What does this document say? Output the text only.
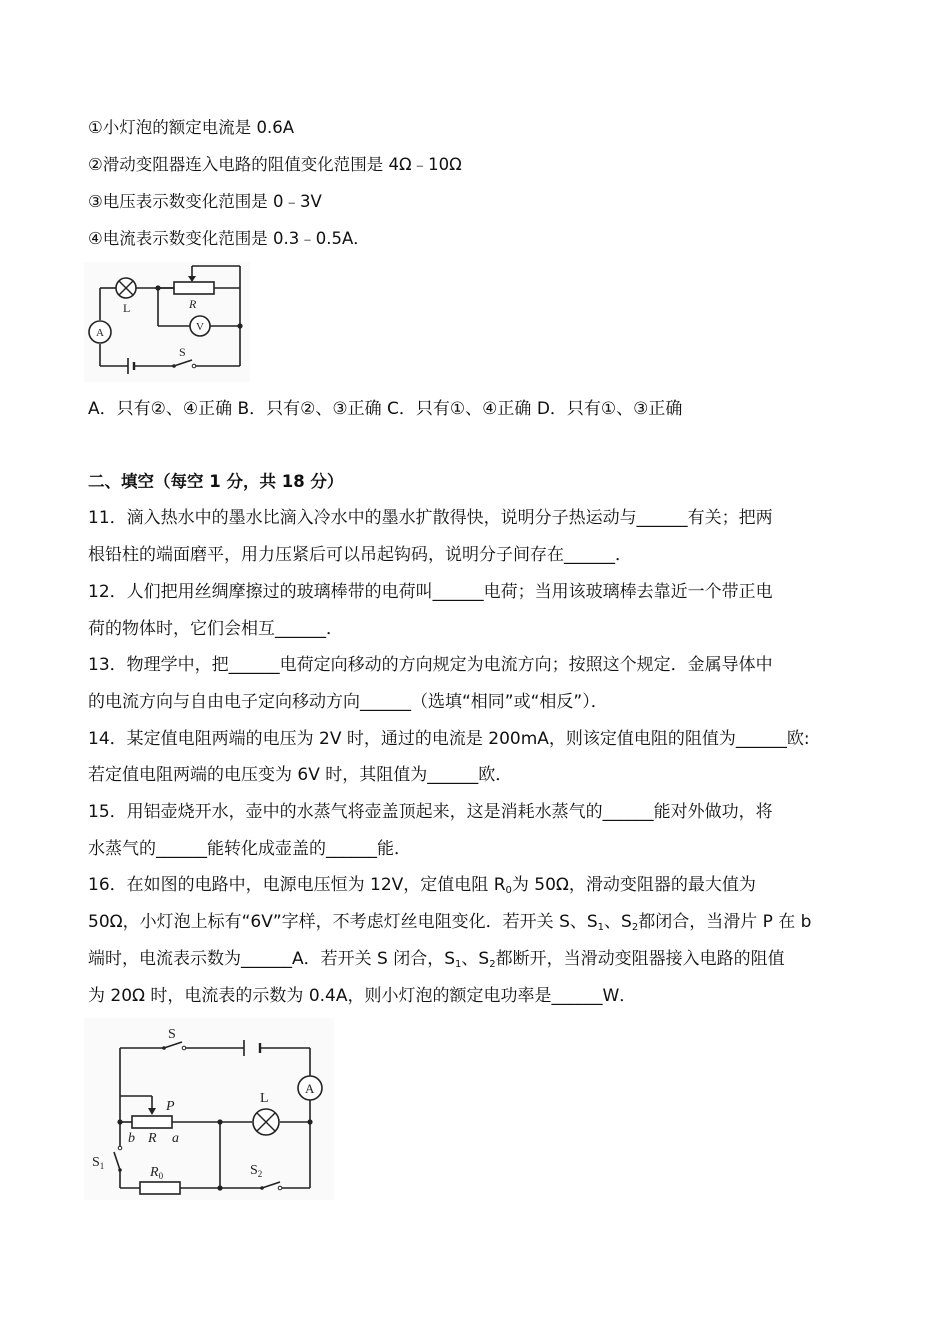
①小灯泡的额定电流是 0.6A
②滑动变阻器连入电路的阻值变化范围是 4Ω﹣10Ω
③电压表示数变化范围是 0﹣3V
④电流表示数变化范围是 0.3﹣0.5A．
L	R
S
A	V
A．只有②、④正确 B．只有②、③正确 C．只有①、④正确 D．只有①、③正确
二、填空（每空 1 分，共 18 分）
11．滴入热水中的墨水比滴入冷水中的墨水扩散得快，说明分子热运动与______有关；把两
根铅柱的端面磨平，用力压紧后可以吊起钩码，说明分子间存在______．
12．人们把用丝绸摩擦过的玻璃棒带的电荷叫______电荷；当用该玻璃棒去靠近一个带正电
荷的物体时，它们会相互______．
13．物理学中，把______电荷定向移动的方向规定为电流方向；按照这个规定．金属导体中
的电流方向与自由电子定向移动方向______（选填“相同”或“相反”）．
14．某定值电阻两端的电压为 2V 时，通过的电流是 200mA，则该定值电阻的阻值为______欧:
若定值电阻两端的电压变为 6V 时，其阻值为______欧．
15．用铝壶烧开水，壶中的水蒸气将壶盖顶起来，这是消耗水蒸气的______能对外做功，将
水蒸气的______能转化成壶盖的______能．
16．在如图的电路中，电源电压恒为 12V，定值电阻 $R_0$为 50Ω，滑动变阻器的最大值为
50Ω，小灯泡上标有“6V”字样，不考虑灯丝电阻变化．若开关 S、$S_1$、$S_2$都闭合，当滑片 P 在 b
端时，电流表示数为______A．若开关 S 闭合，$S_1$、$S_2$都断开，当滑动变阻器接入电路的阻值
为 20Ω 时，电流表的示数为 0.4A，则小灯泡的额定电功率是______W．
S
A
L
P
b R a
$S_1$	$R_0$	$S_2$
